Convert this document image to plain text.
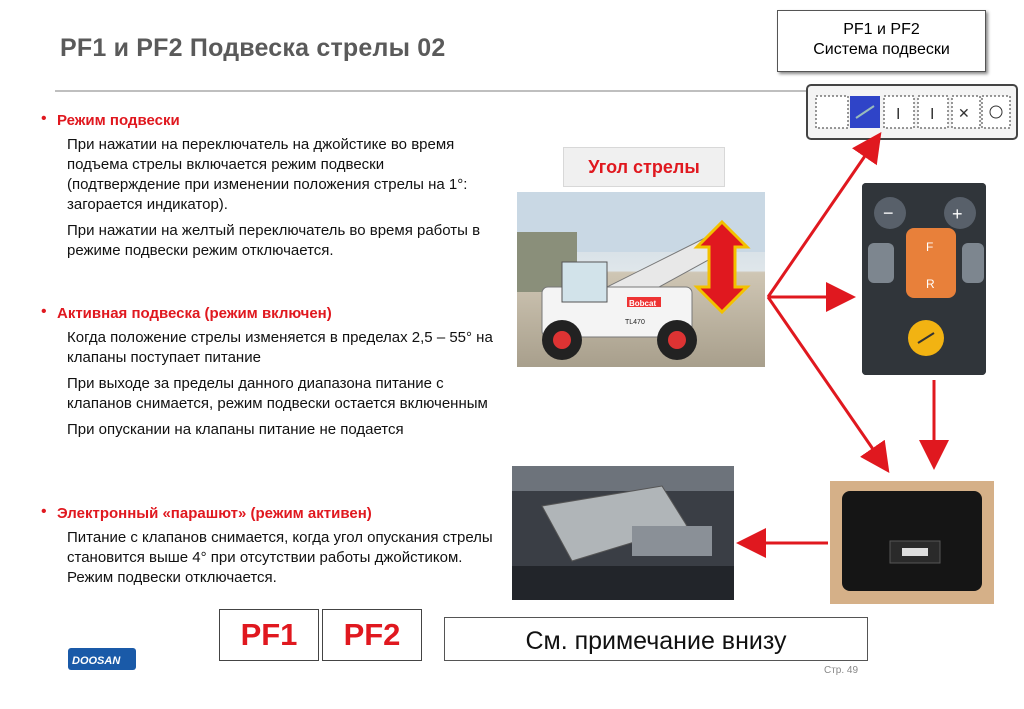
PF1 и PF2 Подвеска стрелы 02
PF1 и PF2
Система подвески
• Режим подвески
При нажатии на переключатель на джойстике во время подъема стрелы включается режим подвески (подтверждение при изменении положения стрелы на 1°: загорается индикатор).
При нажатии на желтый переключатель во время работы в режиме подвески режим отключается.
• Активная подвеска (режим включен)
Когда положение стрелы изменяется в пределах 2,5 – 55° на клапаны поступает питание
При выходе за пределы данного диапазона питание с клапанов снимается, режим подвески остается включенным
При опускании на клапаны питание не подается
• Электронный «парашют» (режим активен)
Питание с клапанов снимается, когда угол опускания стрелы становится выше 4° при отсутствии работы джойстиком. Режим подвески отключается.
I I ✕
Угол стрелы
Bobcat
TL470
−	+
F
R
PF1	PF2	См. примечание внизу
Стр. 49
DOOSAN
